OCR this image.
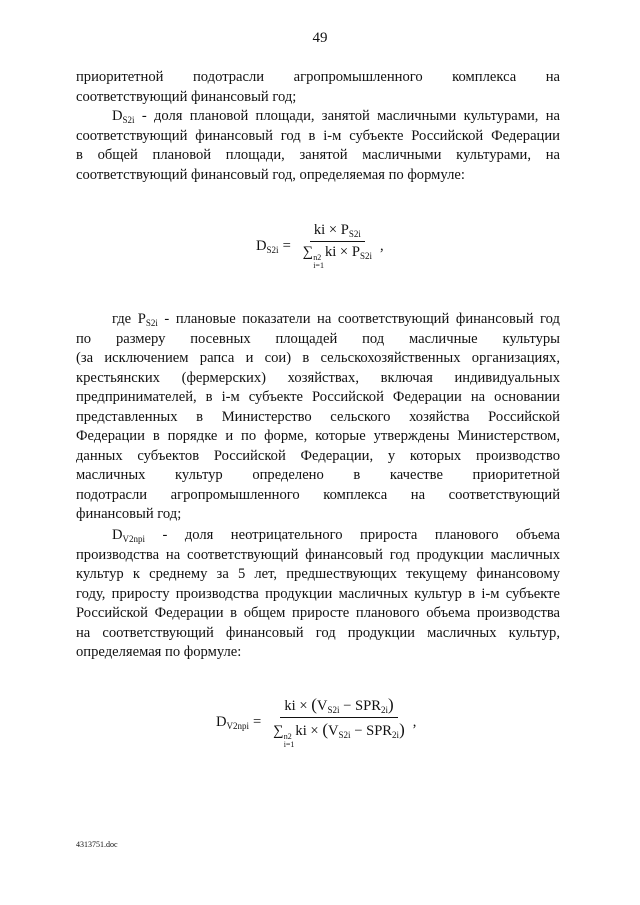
49
приоритетной подотрасли агропромышленного комплекса на
соответствующий финансовый год;
$D_{S2i}$ - доля плановой площади, занятой масличными культурами, на
соответствующий финансовый год в i-м субъекте Российской Федерации
в общей плановой площади, занятой масличными культурами, на
соответствующий финансовый год, определяемая по формуле:
$D_{S2i}$ = ki × $P_{S2i}$
∑ n2
i=1
ki × $P_{S2i}$ ,
где $P_{S2i}$ - плановые показатели на соответствующий финансовый год
по размеру посевных площадей под масличные культуры
(за исключением рапса и сои) в сельскохозяйственных организациях,
крестьянских (фермерских) хозяйствах, включая индивидуальных
предпринимателей, в i-м субъекте Российской Федерации на основании
представленных в Министерство сельского хозяйства Российской
Федерации в порядке и по форме, которые утверждены Министерством,
данных субъектов Российской Федерации, у которых производство
масличных культур определено в качестве приоритетной
подотрасли агропромышленного комплекса на соответствующий
финансовый год;
$D_{V2npi}$ - доля неотрицательного прироста планового объема
производства на соответствующий финансовый год продукции масличных
культур к среднему за 5 лет, предшествующих текущему финансовому
году, приросту производства продукции масличных культур в i-м субъекте
Российской Федерации в общем приросте планового объема производства
на соответствующий финансовый год продукции масличных культур,
определяемая по формуле:
$D_{V2npi}$ = ki × $(V_{S2i} - SPR_{2i})$
∑ n2
i=1
ki × $(V_{S2i} - SPR_{2i})$ ,
4313751.doc
